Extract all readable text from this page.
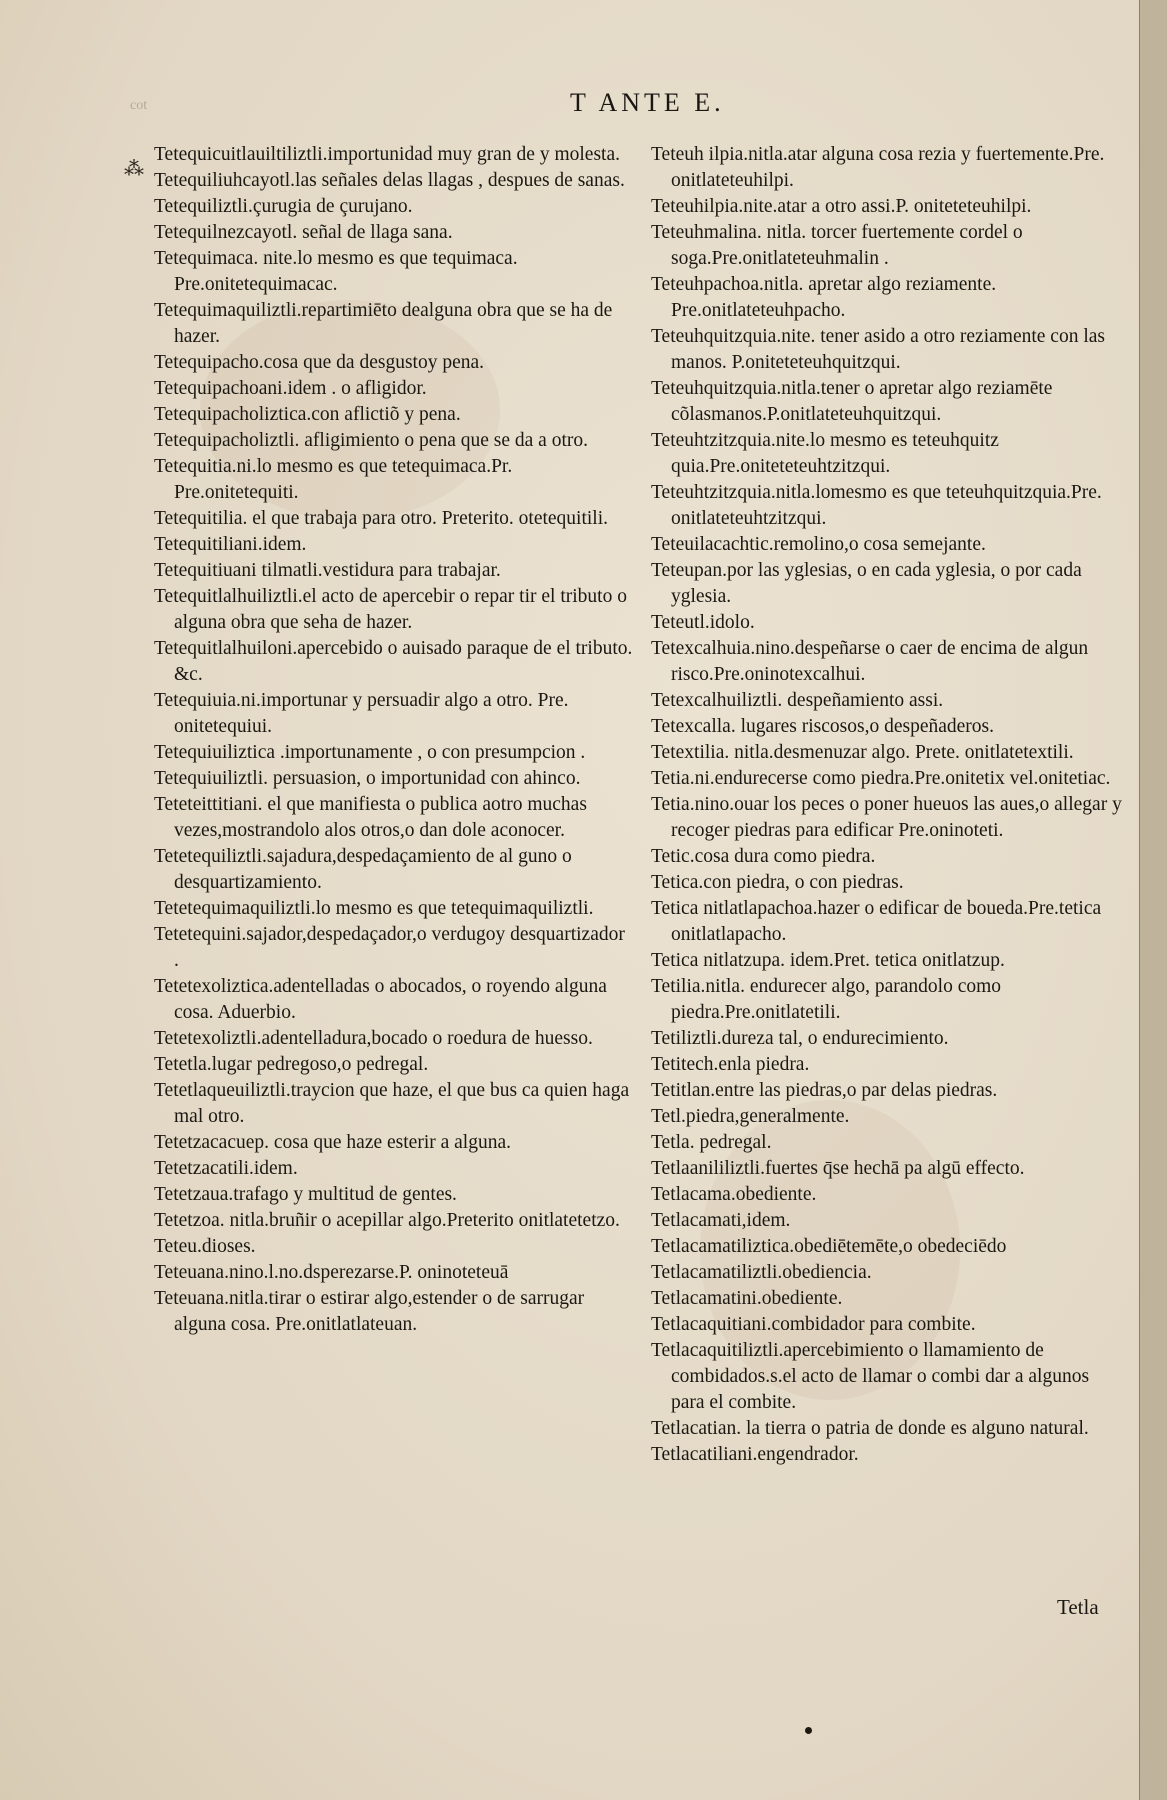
cot	T ANTE E.
⁂
Tetequicuitlauiltiliztli.importunidad muy gran de y molesta.
Tetequiliuhcayotl.las señales delas llagas , despues de sanas.
Tetequiliztli.çurugia de çurujano.
Tetequilnezcayotl. señal de llaga sana.
Tetequimaca. nite.lo mesmo es que tequimaca. Pre.onitetequimacac.
Tetequimaquiliztli.repartimiēto dealguna obra que se ha de hazer.
Tetequipacho.cosa que da desgustoy pena.
Tetequipachoani.idem . o afligidor.
Tetequipacholiztica.con aflictiõ y pena.
Tetequipacholiztli. afligimiento o pena que se da a otro.
Tetequitia.ni.lo mesmo es que tetequimaca.Pr. Pre.onitetequiti.
Tetequitilia. el que trabaja para otro. Preterito. otetequitili.
Tetequitiliani.idem.
Tetequitiuani tilmatli.vestidura para trabajar.
Tetequitlalhuiliztli.el acto de apercebir o repar tir el tributo o alguna obra que seha de hazer.
Tetequitlalhuiloni.apercebido o auisado paraque de el tributo. &c.
Tetequiuia.ni.importunar y persuadir algo a otro. Pre. onitetequiui.
Tetequiuiliztica .importunamente , o con presumpcion .
Tetequiuiliztli. persuasion, o importunidad con ahinco.
Teteteittitiani. el que manifiesta o publica aotro muchas vezes,mostrandolo alos otros,o dan dole aconocer.
Tetetequiliztli.sajadura,despedaçamiento de al guno o desquartizamiento.
Tetetequimaquiliztli.lo mesmo es que tetequimaquiliztli.
Tetetequini.sajador,despedaçador,o verdugoy desquartizador .
Tetetexoliztica.adentelladas o abocados, o royendo alguna cosa. Aduerbio.
Tetetexoliztli.adentelladura,bocado o roedura de huesso.
Tetetla.lugar pedregoso,o pedregal.
Tetetlaqueuiliztli.traycion que haze, el que bus ca quien haga mal otro.
Tetetzacacuep. cosa que haze esterir a alguna.
Tetetzacatili.idem.
Tetetzaua.trafago y multitud de gentes.
Tetetzoa. nitla.bruñir o acepillar algo.Preterito onitlatetetzo.
Teteu.dioses.
Teteuana.nino.l.no.dsperezarse.P. oninoteteuā
Teteuana.nitla.tirar o estirar algo,estender o de sarrugar alguna cosa. Pre.onitlatlateuan.
Teteuh ilpia.nitla.atar alguna cosa rezia y fuertemente.Pre. onitlateteuhilpi.
Teteuhilpia.nite.atar a otro assi.P. oniteteteuhilpi.
Teteuhmalina. nitla. torcer fuertemente cordel o soga.Pre.onitlateteuhmalin .
Teteuhpachoa.nitla. apretar algo reziamente. Pre.onitlateteuhpacho.
Teteuhquitzquia.nite. tener asido a otro reziamente con las manos. P.oniteteteuhquitzqui.
Teteuhquitzquia.nitla.tener o apretar algo reziamēte cõlasmanos.P.onitlateteuhquitzqui.
Teteuhtzitzquia.nite.lo mesmo es teteuhquitz quia.Pre.oniteteteuhtzitzqui.
Teteuhtzitzquia.nitla.lomesmo es que teteuhquitzquia.Pre. onitlateteuhtzitzqui.
Teteuilacachtic.remolino,o cosa semejante.
Teteupan.por las yglesias, o en cada yglesia, o por cada yglesia.
Teteutl.idolo.
Tetexcalhuia.nino.despeñarse o caer de encima de algun risco.Pre.oninotexcalhui.
Tetexcalhuiliztli. despeñamiento assi.
Tetexcalla. lugares riscosos,o despeñaderos.
Tetextilia. nitla.desmenuzar algo. Prete. onitlatetextili.
Tetia.ni.endurecerse como piedra.Pre.onitetix vel.onitetiac.
Tetia.nino.ouar los peces o poner hueuos las aues,o allegar y recoger piedras para edificar Pre.oninoteti.
Tetic.cosa dura como piedra.
Tetica.con piedra, o con piedras.
Tetica nitlatlapachoa.hazer o edificar de bouedа.Pre.tetica onitlatlapacho.
Tetica nitlatzupa. idem.Pret. tetica onitlatzup.
Tetilia.nitla. endurecer algo, parandolo como piedra.Pre.onitlatetili.
Tetiliztli.dureza tal, o endurecimiento.
Tetitech.enla piedra.
Tetitlan.entre las piedras,o par delas piedras.
Tetl.piedra,generalmente.
Tetla. pedregal.
Tetlaanililiztli.fuertes q̄se hechā pa algū effecto.
Tetlacama.obediente.
Tetlacamati,idem.
Tetlacamatiliztica.obediētemēte,o obedeciēdo
Tetlacamatiliztli.obediencia.
Tetlacamatini.obediente.
Tetlacaquitiani.combidador para combite.
Tetlacaquitiliztli.apercebimiento o llamamiento de combidados.s.el acto de llamar o combi dar a algunos para el combite.
Tetlacatian. la tierra o patria de donde es alguno natural.
Tetlacatiliani.engendrador.
Tetla
